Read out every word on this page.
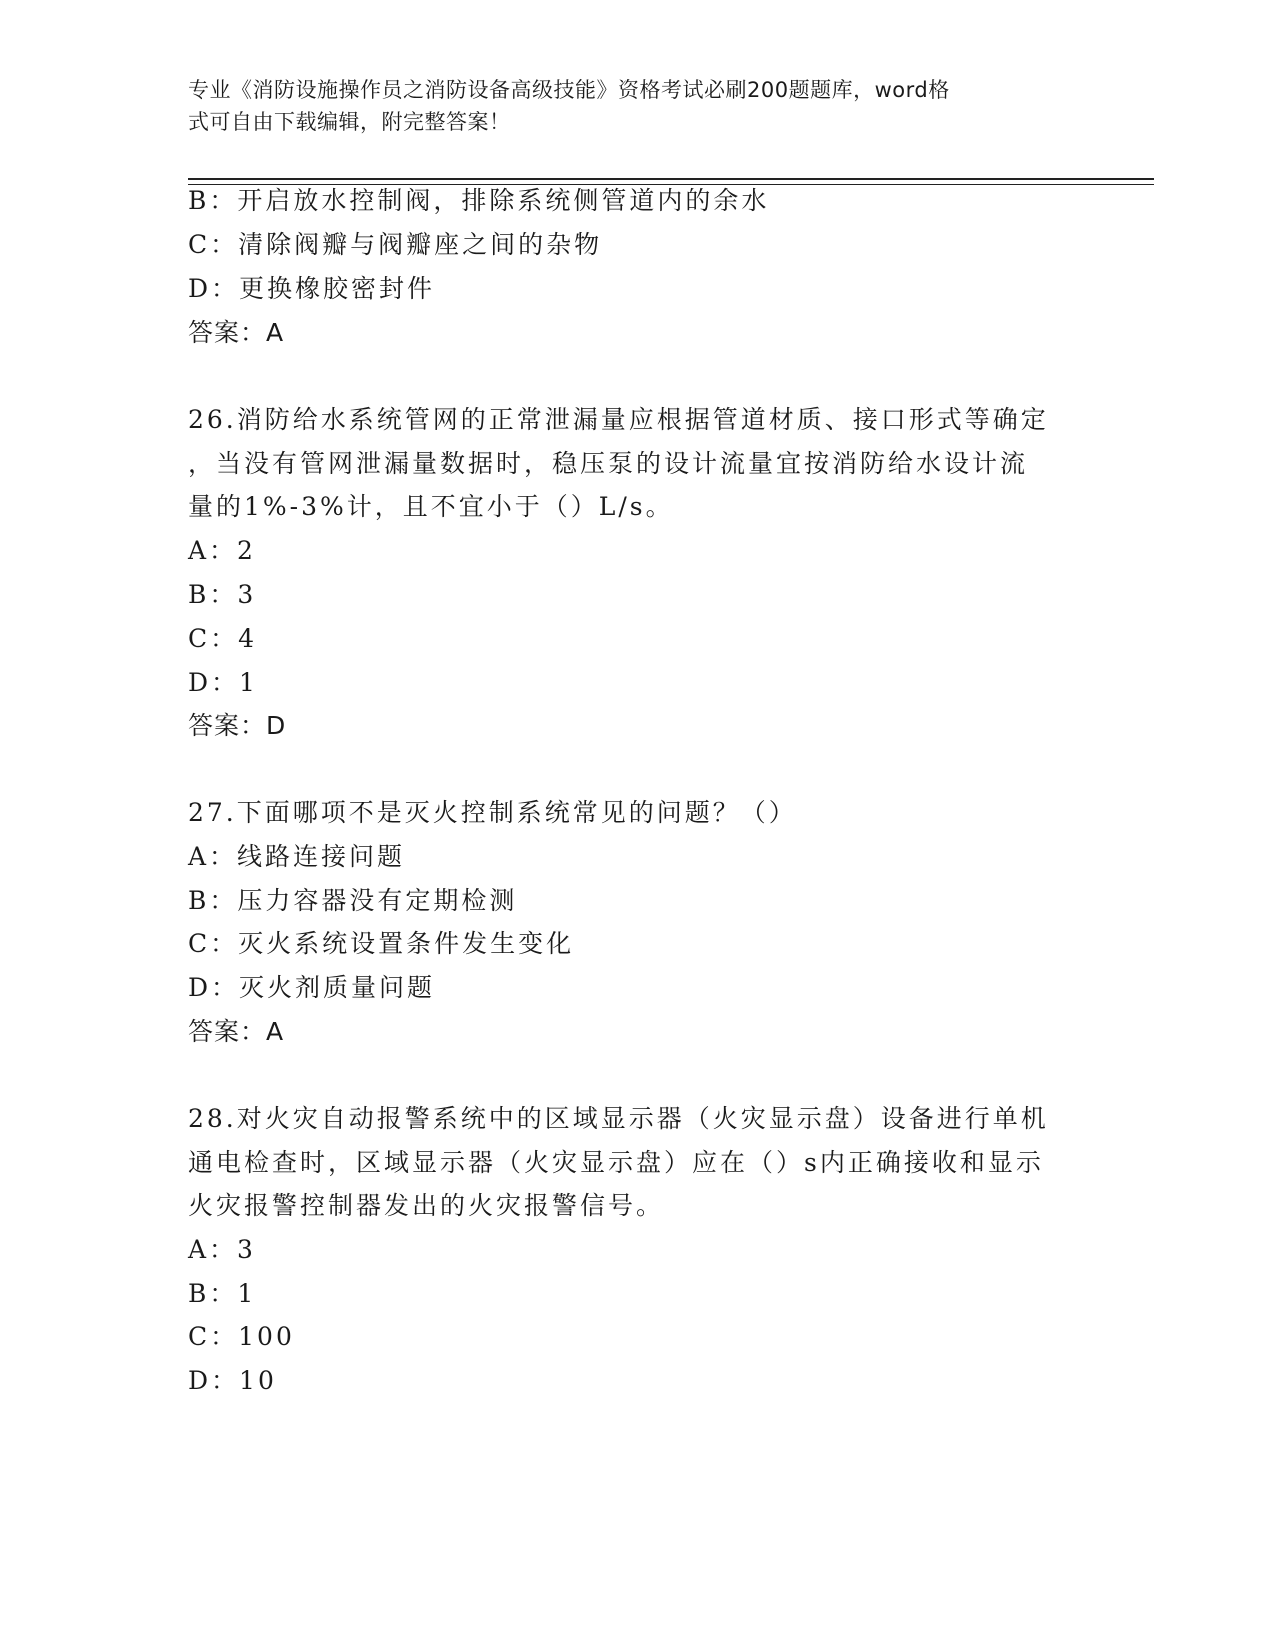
专业《消防设施操作员之消防设备高级技能》资格考试必刷200题题库，word格
式可自由下载编辑，附完整答案！
B：开启放水控制阀，排除系统侧管道内的余水
C：清除阀瓣与阀瓣座之间的杂物
D：更换橡胶密封件
答案：A
26.消防给水系统管网的正常泄漏量应根据管道材质、接口形式等确定
，当没有管网泄漏量数据时，稳压泵的设计流量宜按消防给水设计流
量的1%-3%计，且不宜小于（）L/s。
A：2
B：3
C：4
D：1
答案：D
27.下面哪项不是灭火控制系统常见的问题？（）
A：线路连接问题
B：压力容器没有定期检测
C：灭火系统设置条件发生变化
D：灭火剂质量问题
答案：A
28.对火灾自动报警系统中的区域显示器（火灾显示盘）设备进行单机
通电检查时，区域显示器（火灾显示盘）应在（）s内正确接收和显示
火灾报警控制器发出的火灾报警信号。
A：3
B：1
C：100
D：10
